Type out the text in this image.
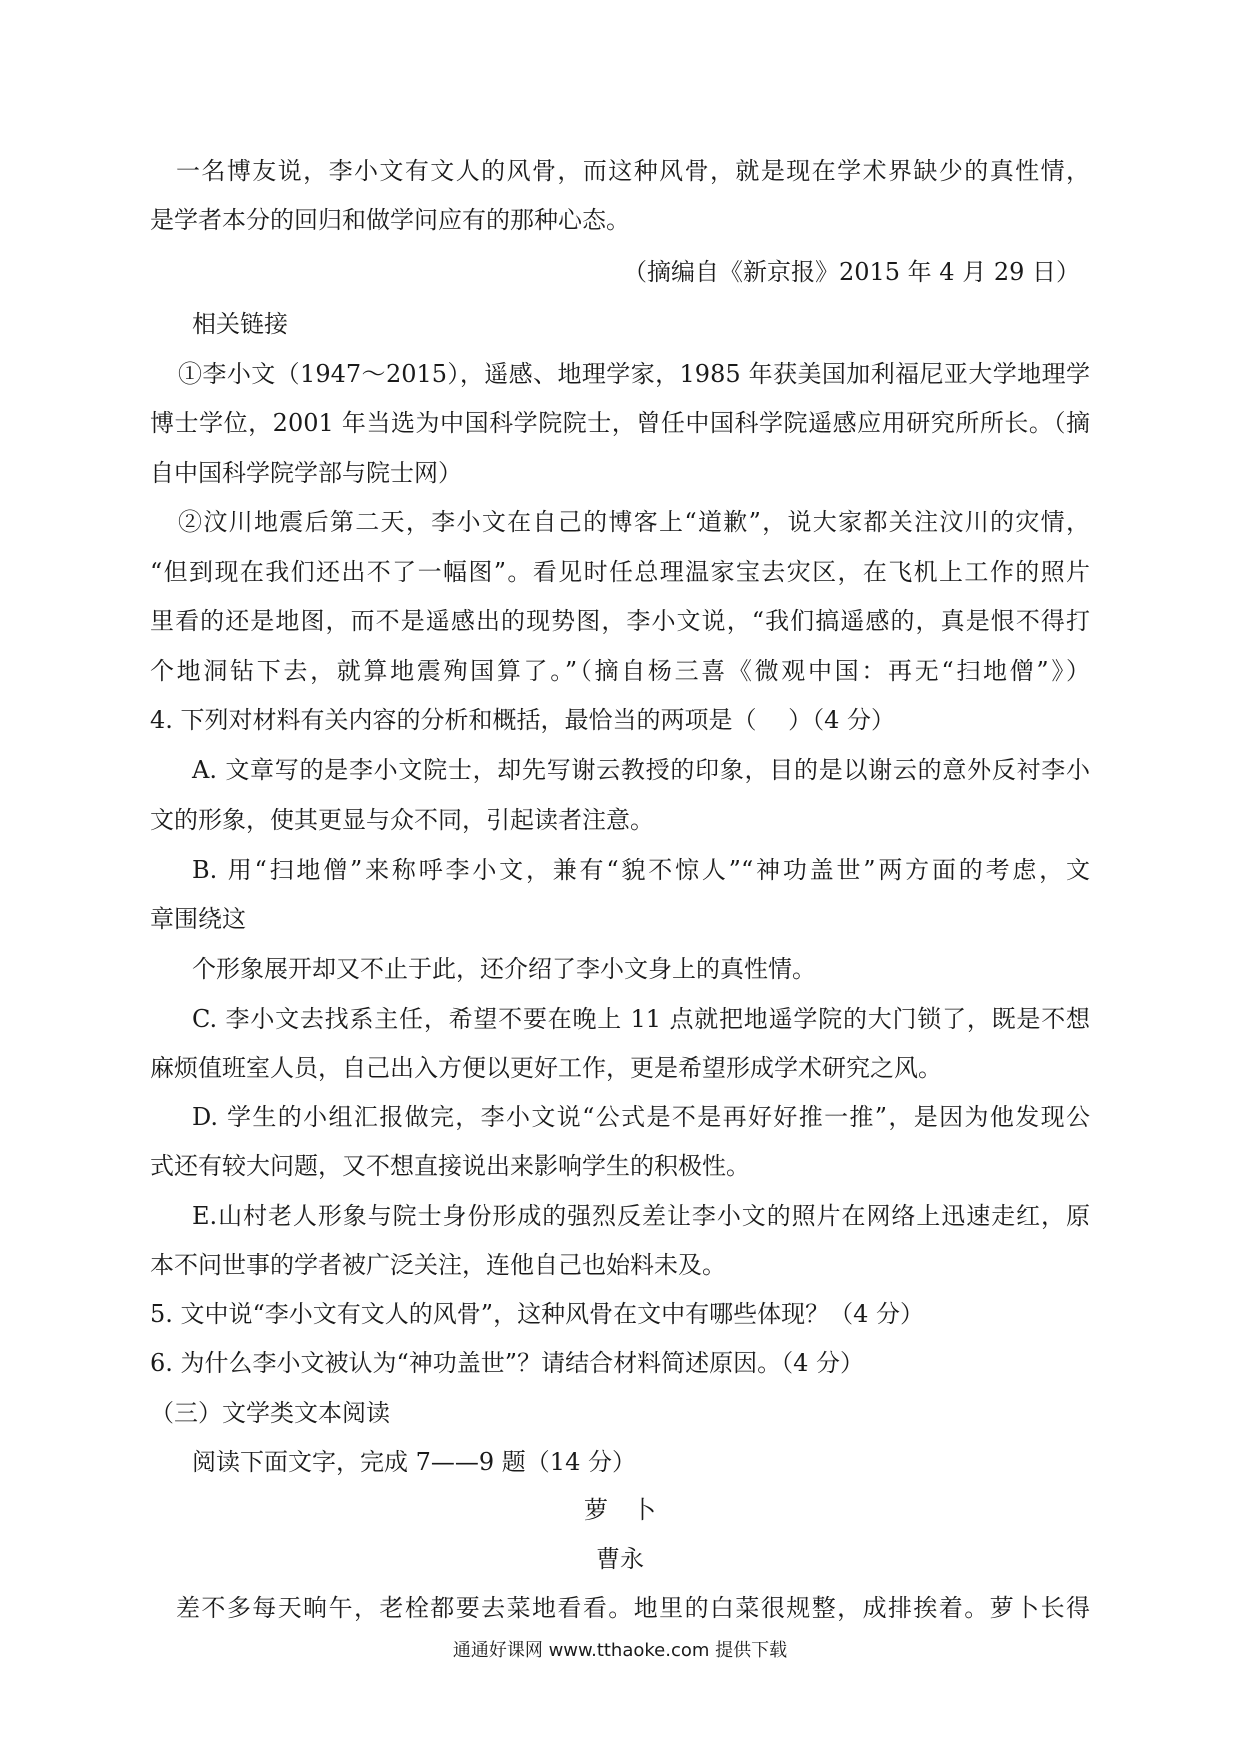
一名博友说，李小文有文人的风骨，而这种风骨，就是现在学术界缺少的真性情，
是学者本分的回归和做学问应有的那种心态。
（摘编自《新京报》2015 年 4 月 29 日）
相关链接
①李小文（1947～2015），遥感、地理学家，1985 年获美国加利福尼亚大学地理学
博士学位，2001 年当选为中国科学院院士，曾任中国科学院遥感应用研究所所长。（摘
自中国科学院学部与院士网）
②汶川地震后第二天，李小文在自己的博客上“道歉”，说大家都关注汶川的灾情，
“但到现在我们还出不了一幅图”。看见时任总理温家宝去灾区，在飞机上工作的照片
里看的还是地图，而不是遥感出的现势图，李小文说，“我们搞遥感的，真是恨不得打
个地洞钻下去，就算地震殉国算了。”（摘自杨三喜《微观中国：再无“扫地僧”》）
4. 下列对材料有关内容的分析和概括，最恰当的两项是（　 ）（4 分）
A. 文章写的是李小文院士，却先写谢云教授的印象，目的是以谢云的意外反衬李小
文的形象，使其更显与众不同，引起读者注意。
B. 用“扫地僧”来称呼李小文，兼有“貌不惊人”“神功盖世”两方面的考虑，文
章围绕这
个形象展开却又不止于此，还介绍了李小文身上的真性情。
C. 李小文去找系主任，希望不要在晚上 11 点就把地遥学院的大门锁了，既是不想
麻烦值班室人员，自己出入方便以更好工作，更是希望形成学术研究之风。
D. 学生的小组汇报做完，李小文说“公式是不是再好好推一推”，是因为他发现公
式还有较大问题，又不想直接说出来影响学生的积极性。
E.山村老人形象与院士身份形成的强烈反差让李小文的照片在网络上迅速走红，原
本不问世事的学者被广泛关注，连他自己也始料未及。
5. 文中说“李小文有文人的风骨”，这种风骨在文中有哪些体现？（4 分）
6. 为什么李小文被认为“神功盖世”？请结合材料简述原因。（4 分）
（三）文学类文本阅读
阅读下面文字，完成 7——9 题（14 分）
萝　卜
曹永
差不多每天晌午，老栓都要去菜地看看。地里的白菜很规整，成排挨着。萝卜长得
通通好课网 www.tthaoke.com 提供下载
